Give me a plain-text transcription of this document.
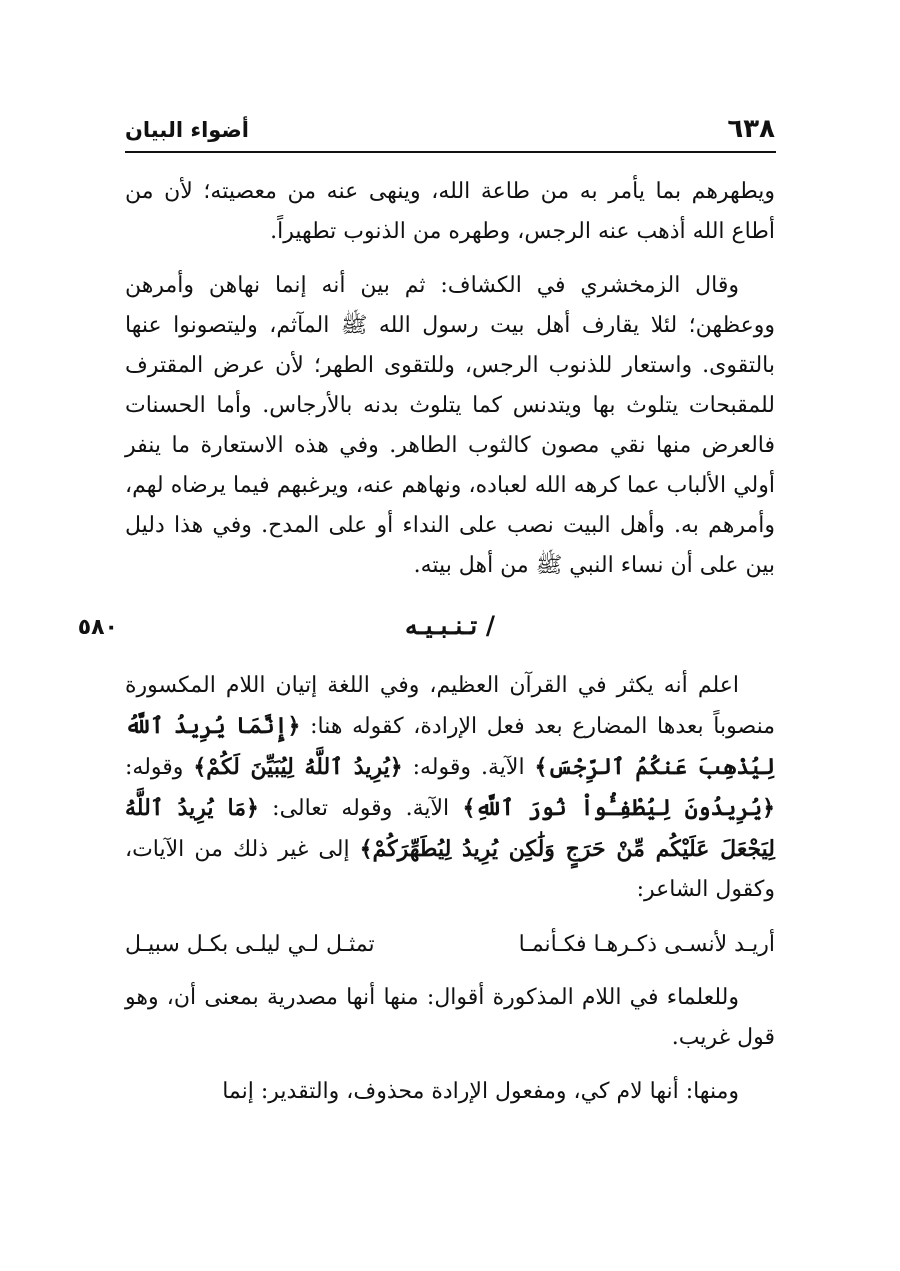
٦٣٨
أضواء البيان

ويطهرهم بما يأمر به من طاعة الله، وينهى عنه من معصيته؛ لأن من أطاع الله أذهب عنه الرجس، وطهره من الذنوب تطهيراً.

وقال الزمخشري في الكشاف: ثم بين أنه إنما نهاهن وأمرهن ووعظهن؛ لئلا يقارف أهل بيت رسول الله ﷺ المآثم، وليتصونوا عنها بالتقوى. واستعار للذنوب الرجس، وللتقوى الطهر؛ لأن عرض المقترف للمقبحات يتلوث بها ويتدنس كما يتلوث بدنه بالأرجاس. وأما الحسنات فالعرض منها نقي مصون كالثوب الطاهر. وفي هذه الاستعارة ما ينفر أولي الألباب عما كرهه الله لعباده، ونهاهم عنه، ويرغبهم فيما يرضاه لهم، وأمرهم به. وأهل البيت نصب على النداء أو على المدح. وفي هذا دليل بين على أن نساء النبي ﷺ من أهل بيته.

/ تـنـبـيـه
٥٨٠

اعلم أنه يكثر في القرآن العظيم، وفي اللغة إتيان اللام المكسورة منصوباً بعدها المضارع بعد فعل الإرادة، كقوله هنا: ﴿إِنَّمَا يُرِيدُ ٱللَّهُ لِيُذْهِبَ عَنكُمُ ٱلرِّجْسَ﴾ الآية. وقوله: ﴿يُرِيدُ ٱللَّهُ لِيُبَيِّنَ لَكُمْ﴾ وقوله: ﴿يُرِيدُونَ لِيُطْفِـُٔواْ نُورَ ٱللَّهِ﴾ الآية. وقوله تعالى: ﴿مَا يُرِيدُ ٱللَّهُ لِيَجْعَلَ عَلَيْكُم مِّنْ حَرَجٍ وَلَٰكِن يُرِيدُ لِيُطَهِّرَكُمْ﴾ إلى غير ذلك من الآيات، وكقول الشاعر:

أريـد لأنسـى ذكـرهـا فكـأنمـا
تمثـل لـي ليلـى بكـل سبيـل

وللعلماء في اللام المذكورة أقوال: منها أنها مصدرية بمعنى أن، وهو قول غريب.

ومنها: أنها لام كي، ومفعول الإرادة محذوف، والتقدير: إنما
